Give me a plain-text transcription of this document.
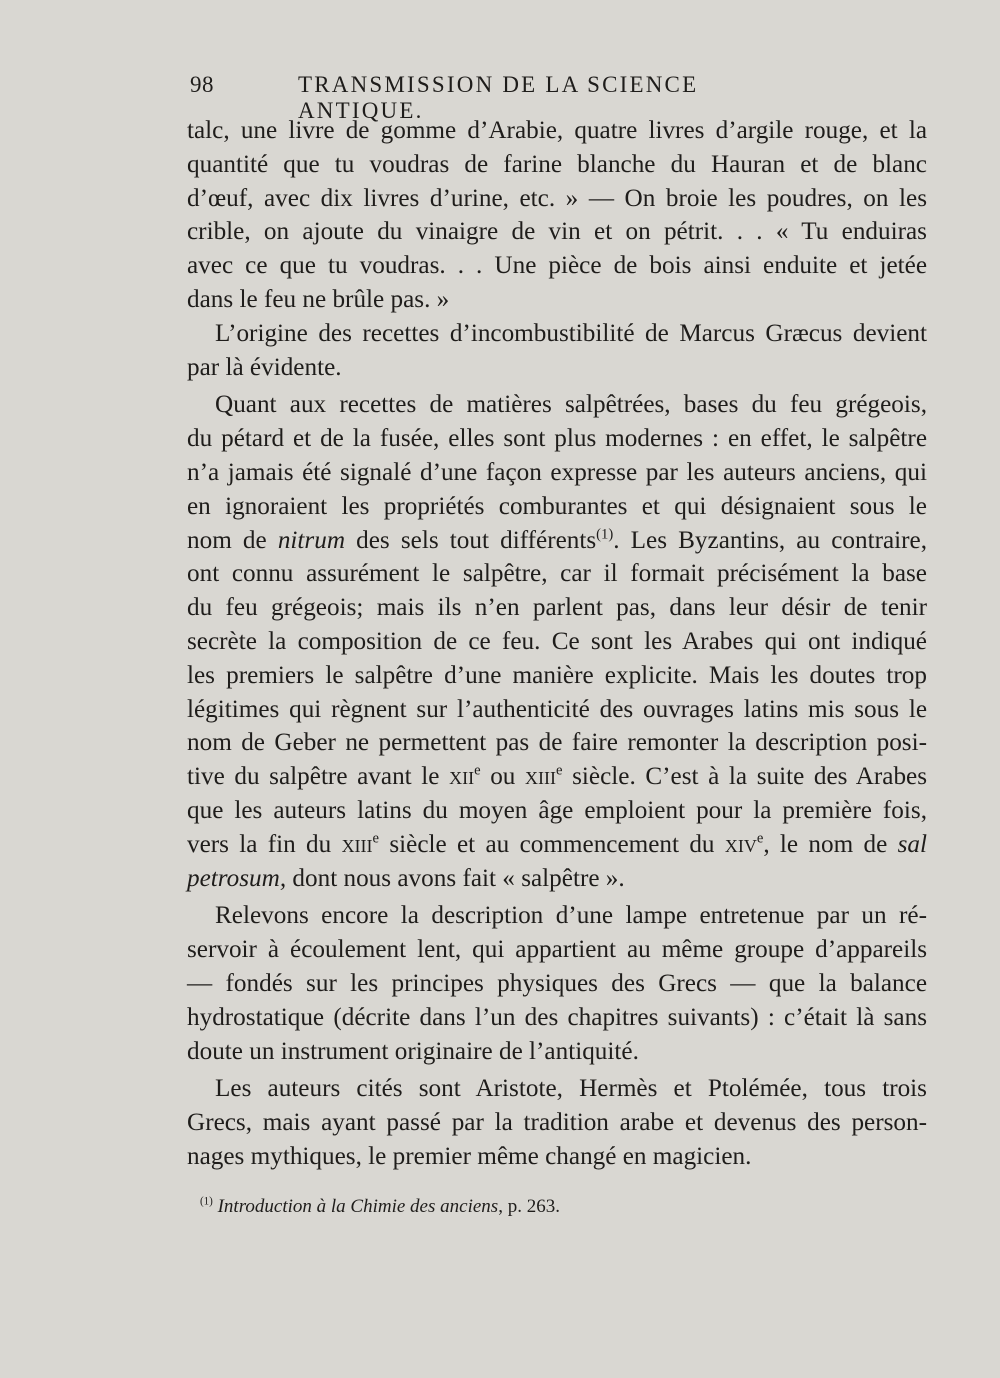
98	TRANSMISSION DE LA SCIENCE ANTIQUE.
talc, une livre de gomme d’Arabie, quatre livres d’argile rouge, et la
quantité que tu voudras de farine blanche du Hauran et de blanc
d’œuf, avec dix livres d’urine, etc. » — On broie les poudres, on les
crible, on ajoute du vinaigre de vin et on pétrit. . . « Tu enduiras
avec ce que tu voudras. . . Une pièce de bois ainsi enduite et jetée
dans le feu ne brûle pas. »
L’origine des recettes d’incombustibilité de Marcus Græcus devient
par là évidente.
Quant aux recettes de matières salpêtrées, bases du feu grégeois,
du pétard et de la fusée, elles sont plus modernes : en effet, le salpêtre
n’a jamais été signalé d’une façon expresse par les auteurs anciens, qui
en ignoraient les propriétés comburantes et qui désignaient sous le
nom de nitrum des sels tout différents$^{(1)}$. Les Byzantins, au contraire,
ont connu assurément le salpêtre, car il formait précisément la base
du feu grégeois; mais ils n’en parlent pas, dans leur désir de tenir
secrète la composition de ce feu. Ce sont les Arabes qui ont indiqué
les premiers le salpêtre d’une manière explicite. Mais les doutes trop
légitimes qui règnent sur l’authenticité des ouvrages latins mis sous le
nom de Geber ne permettent pas de faire remonter la description posi-
tive du salpêtre avant le xii$^e$ ou xiii$^e$ siècle. C’est à la suite des Arabes
que les auteurs latins du moyen âge emploient pour la première fois,
vers la fin du xiii$^e$ siècle et au commencement du xiv$^e$, le nom de sal
petrosum, dont nous avons fait « salpêtre ».
Relevons encore la description d’une lampe entretenue par un ré-
servoir à écoulement lent, qui appartient au même groupe d’appareils
— fondés sur les principes physiques des Grecs — que la balance
hydrostatique (décrite dans l’un des chapitres suivants) : c’était là sans
doute un instrument originaire de l’antiquité.
Les auteurs cités sont Aristote, Hermès et Ptolémée, tous trois
Grecs, mais ayant passé par la tradition arabe et devenus des person-
nages mythiques, le premier même changé en magicien.
$^{(1)}$ Introduction à la Chimie des anciens, p. 263.
